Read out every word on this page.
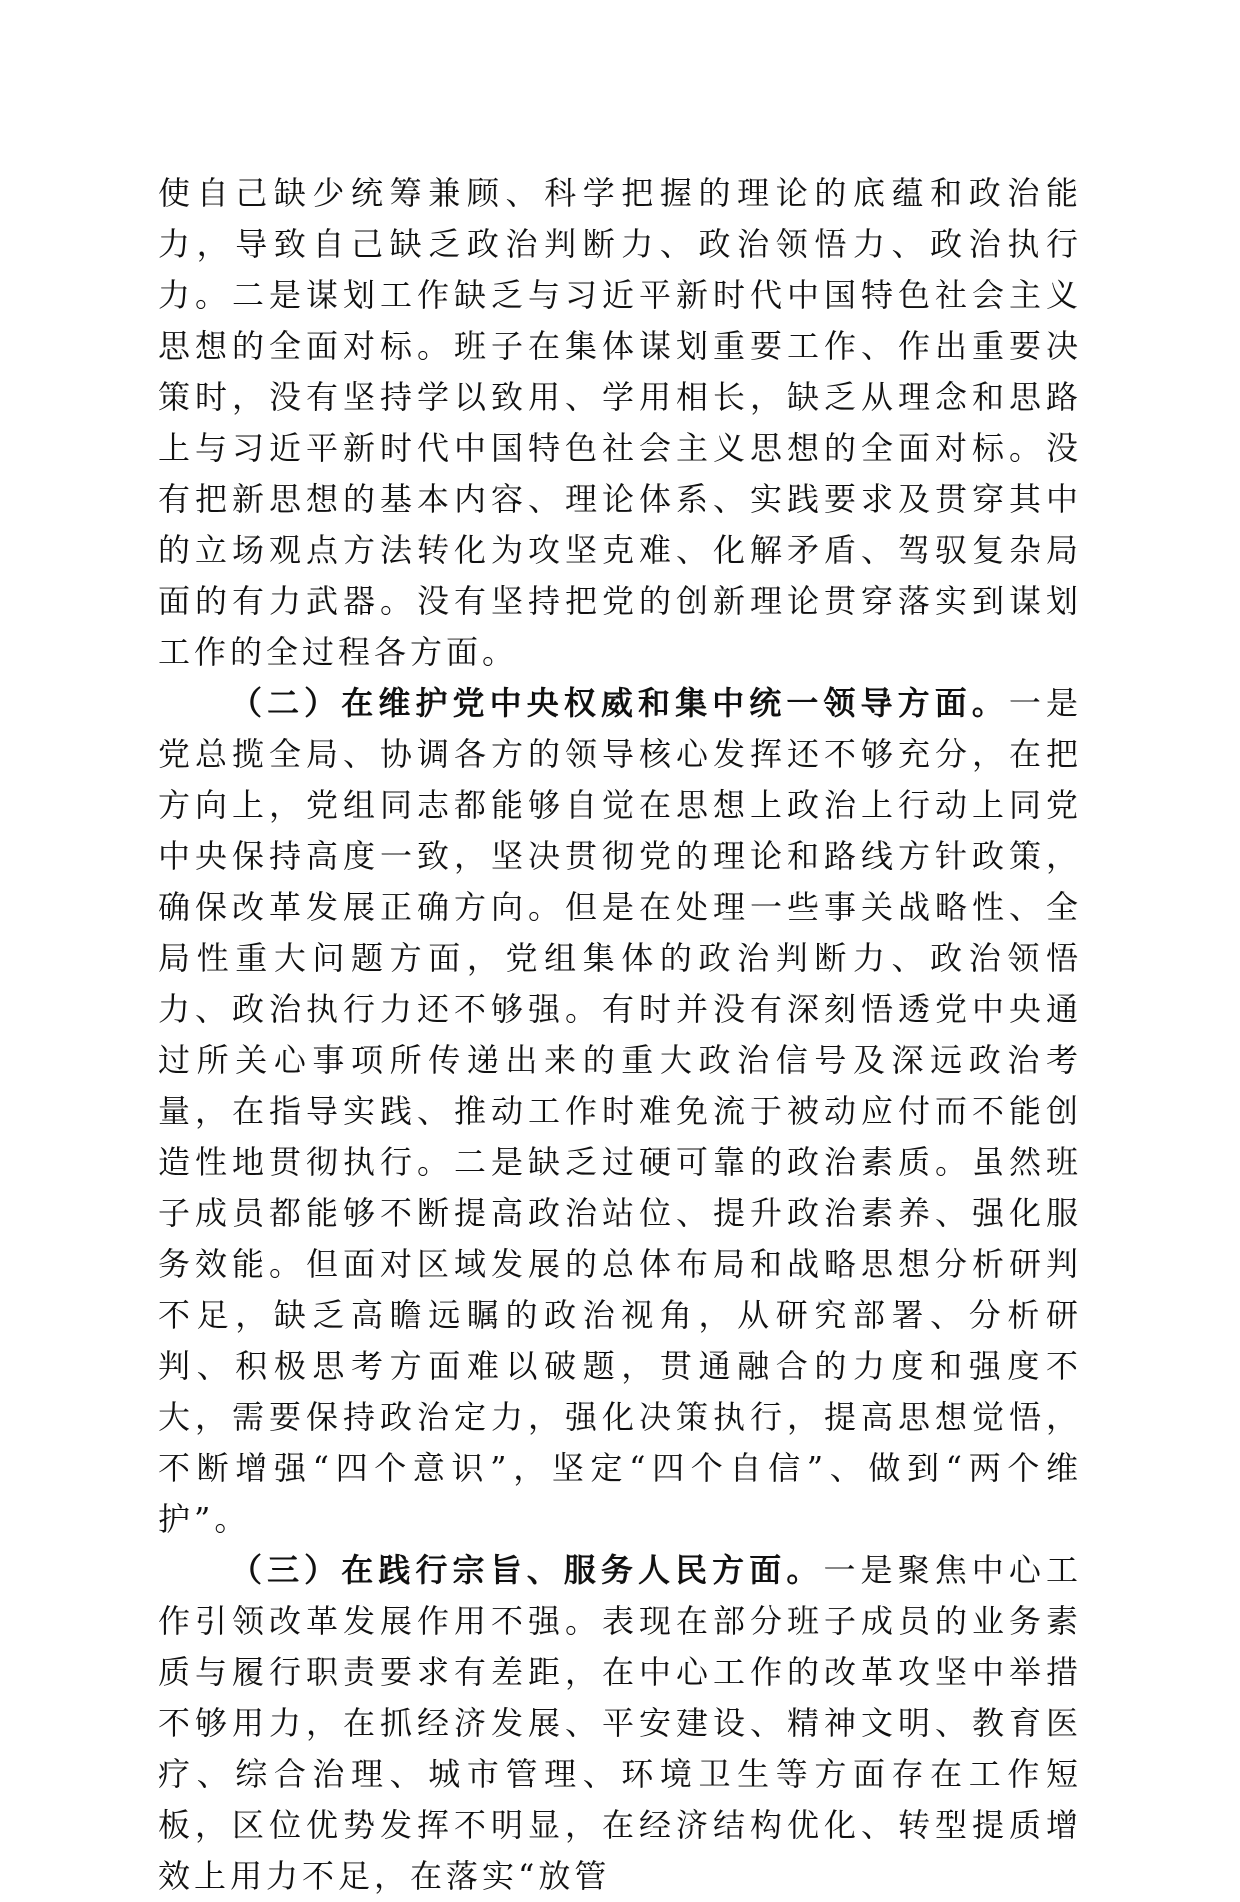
使自己缺少统筹兼顾、科学把握的理论的底蕴和政治能力，导致自己缺乏政治判断力、政治领悟力、政治执行力。二是谋划工作缺乏与习近平新时代中国特色社会主义思想的全面对标。班子在集体谋划重要工作、作出重要决策时，没有坚持学以致用、学用相长，缺乏从理念和思路上与习近平新时代中国特色社会主义思想的全面对标。没有把新思想的基本内容、理论体系、实践要求及贯穿其中的立场观点方法转化为攻坚克难、化解矛盾、驾驭复杂局面的有力武器。没有坚持把党的创新理论贯穿落实到谋划工作的全过程各方面。

（二）在维护党中央权威和集中统一领导方面。一是党总揽全局、协调各方的领导核心发挥还不够充分，在把方向上，党组同志都能够自觉在思想上政治上行动上同党中央保持高度一致，坚决贯彻党的理论和路线方针政策，确保改革发展正确方向。但是在处理一些事关战略性、全局性重大问题方面，党组集体的政治判断力、政治领悟力、政治执行力还不够强。有时并没有深刻悟透党中央通过所关心事项所传递出来的重大政治信号及深远政治考量，在指导实践、推动工作时难免流于被动应付而不能创造性地贯彻执行。二是缺乏过硬可靠的政治素质。虽然班子成员都能够不断提高政治站位、提升政治素养、强化服务效能。但面对区域发展的总体布局和战略思想分析研判不足，缺乏高瞻远瞩的政治视角，从研究部署、分析研判、积极思考方面难以破题，贯通融合的力度和强度不大，需要保持政治定力，强化决策执行，提高思想觉悟，不断增强“四个意识”，坚定“四个自信”、做到“两个维护”。

（三）在践行宗旨、服务人民方面。一是聚焦中心工作引领改革发展作用不强。表现在部分班子成员的业务素质与履行职责要求有差距，在中心工作的改革攻坚中举措不够用力，在抓经济发展、平安建设、精神文明、教育医疗、综合治理、城市管理、环境卫生等方面存在工作短板，区位优势发挥不明显，在经济结构优化、转型提质增效上用力不足，在落实“放管
